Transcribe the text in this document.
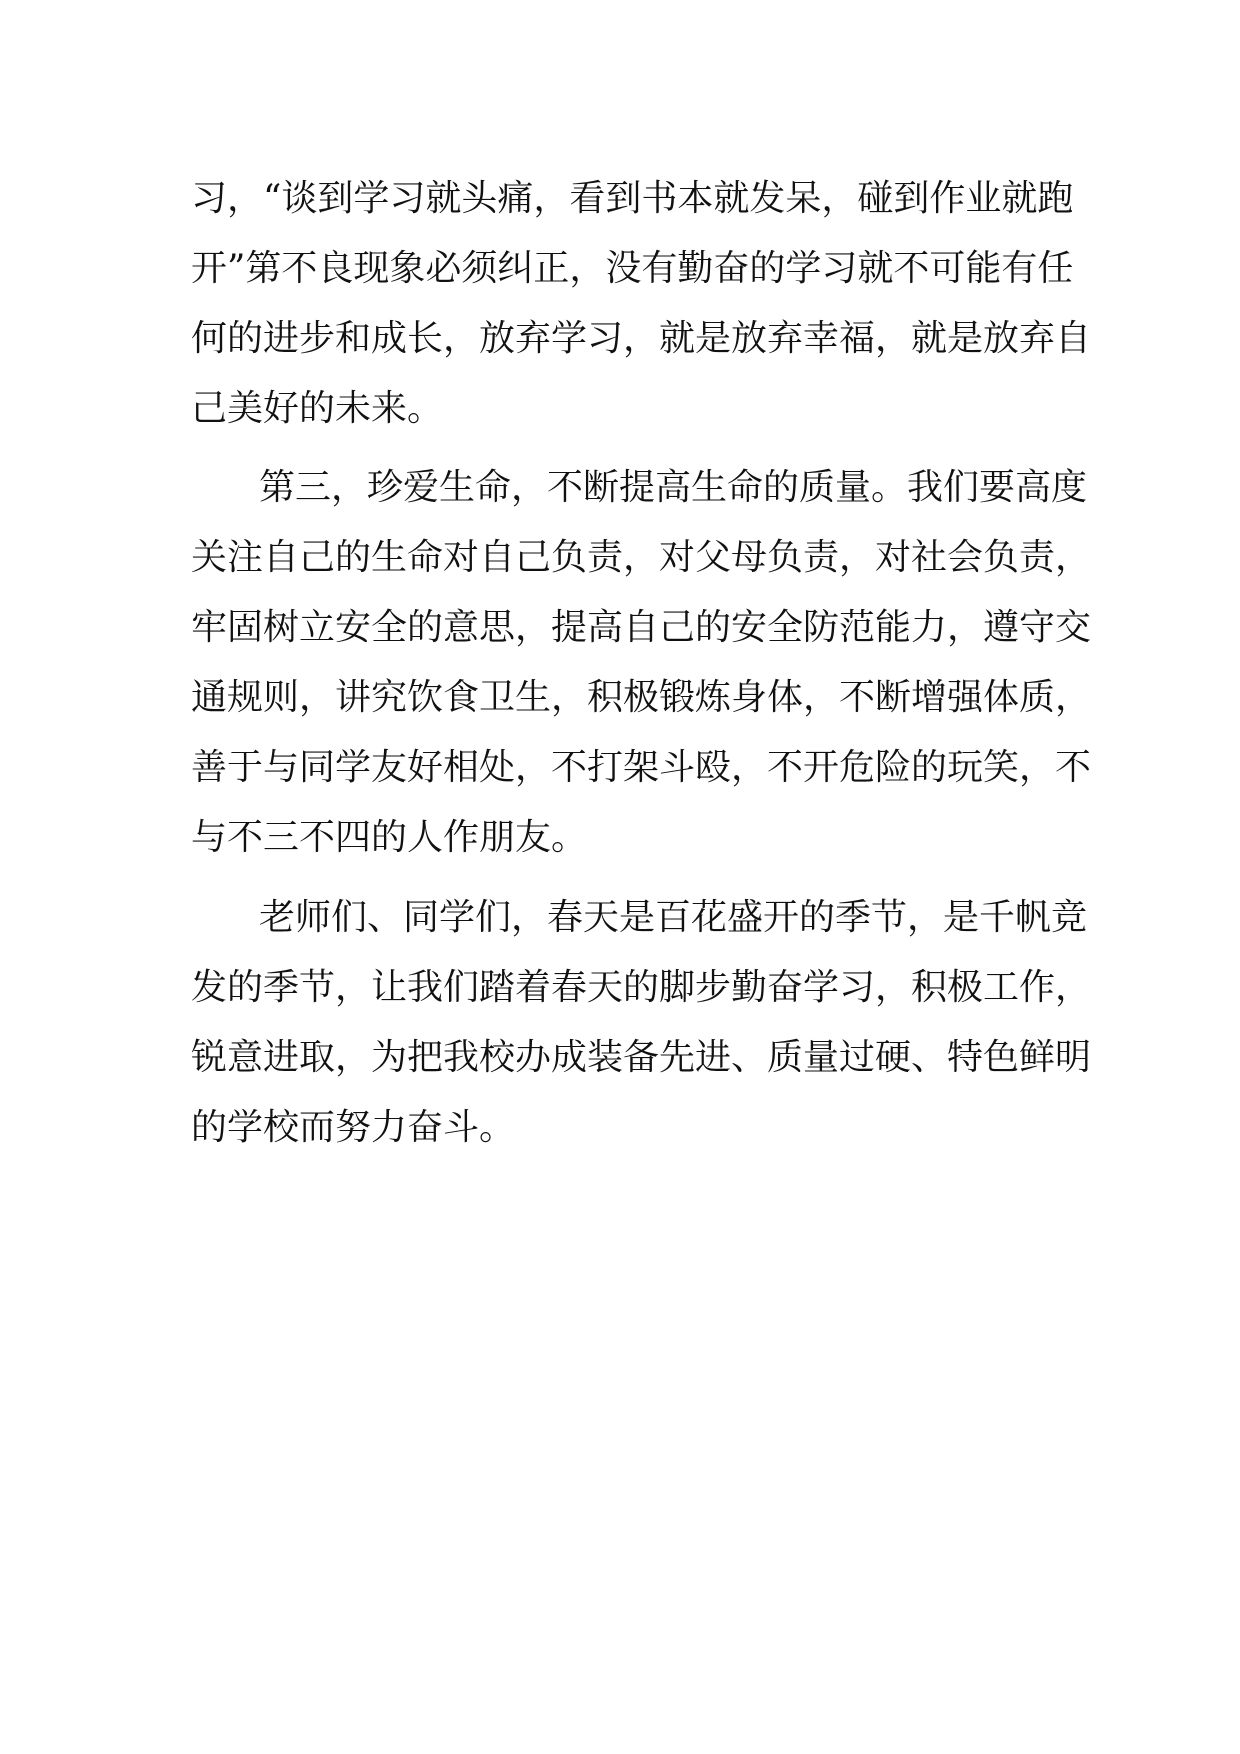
习，“谈到学习就头痛，看到书本就发呆，碰到作业就跑
开”第不良现象必须纠正，没有勤奋的学习就不可能有任
何的进步和成长，放弃学习，就是放弃幸福，就是放弃自
己美好的未来。
第三，珍爱生命，不断提高生命的质量。我们要高度
关注自己的生命对自己负责，对父母负责，对社会负责，
牢固树立安全的意思，提高自己的安全防范能力，遵守交
通规则，讲究饮食卫生，积极锻炼身体，不断增强体质，
善于与同学友好相处，不打架斗殴，不开危险的玩笑，不
与不三不四的人作朋友。
老师们、同学们，春天是百花盛开的季节，是千帆竞
发的季节，让我们踏着春天的脚步勤奋学习，积极工作，
锐意进取，为把我校办成装备先进、质量过硬、特色鲜明
的学校而努力奋斗。
